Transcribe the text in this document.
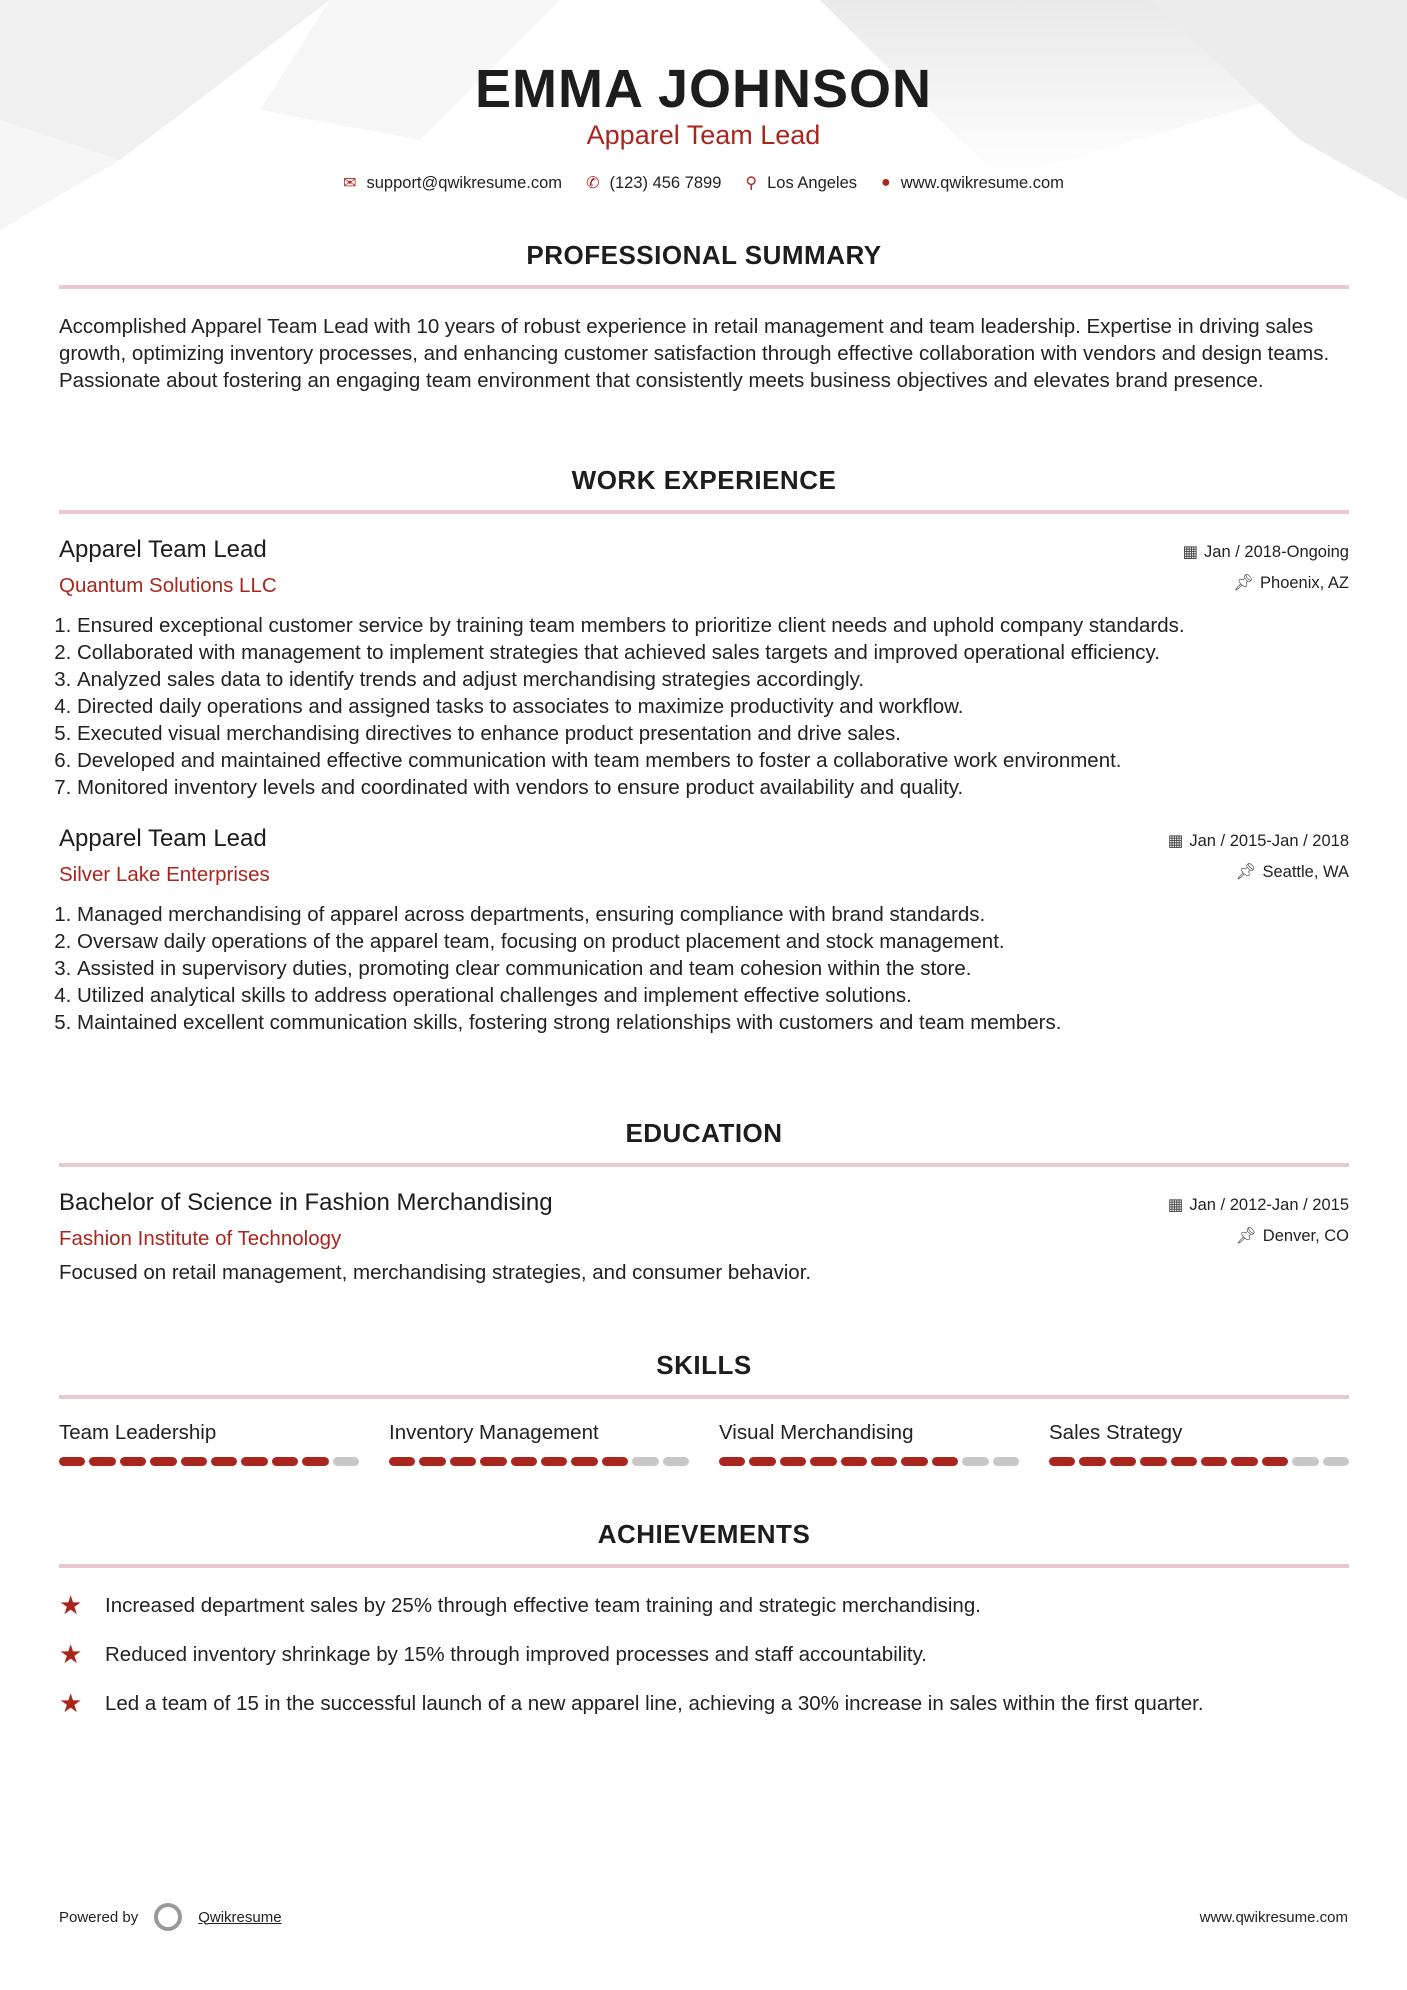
EMMA JOHNSON
Apparel Team Lead
✉ support@qwikresume.com ✆ (123) 456 7899 ⚲ Los Angeles ● www.qwikresume.com
PROFESSIONAL SUMMARY

Accomplished Apparel Team Lead with 10 years of robust experience in retail management and team leadership. Expertise in driving sales growth, optimizing inventory processes, and enhancing customer satisfaction through effective collaboration with vendors and design teams. Passionate about fostering an engaging team environment that consistently meets business objectives and elevates brand presence.

WORK EXPERIENCE
Apparel Team Lead
Quantum Solutions LLC
▦ Jan / 2018-Ongoing
📌︎ Phoenix, AZ
1. Ensured exceptional customer service by training team members to prioritize client needs and uphold company standards.
2. Collaborated with management to implement strategies that achieved sales targets and improved operational efficiency.
3. Analyzed sales data to identify trends and adjust merchandising strategies accordingly.
4. Directed daily operations and assigned tasks to associates to maximize productivity and workflow.
5. Executed visual merchandising directives to enhance product presentation and drive sales.
6. Developed and maintained effective communication with team members to foster a collaborative work environment.
7. Monitored inventory levels and coordinated with vendors to ensure product availability and quality.
Apparel Team Lead
Silver Lake Enterprises
▦ Jan / 2015-Jan / 2018
📌︎ Seattle, WA
1. Managed merchandising of apparel across departments, ensuring compliance with brand standards.
2. Oversaw daily operations of the apparel team, focusing on product placement and stock management.
3. Assisted in supervisory duties, promoting clear communication and team cohesion within the store.
4. Utilized analytical skills to address operational challenges and implement effective solutions.
5. Maintained excellent communication skills, fostering strong relationships with customers and team members.
EDUCATION
Bachelor of Science in Fashion Merchandising
Fashion Institute of Technology
▦ Jan / 2012-Jan / 2015
📌︎ Denver, CO

Focused on retail management, merchandising strategies, and consumer behavior.

SKILLS
Team Leadership	Inventory Management	Visual Merchandising	Sales Strategy
ACHIEVEMENTS
★	Increased department sales by 25% through effective team training and strategic merchandising.
★	Reduced inventory shrinkage by 15% through improved processes and staff accountability.
★	Led a team of 15 in the successful launch of a new apparel line, achieving a 30% increase in sales within the first quarter.
Powered by	Qwikresume	www.qwikresume.com
